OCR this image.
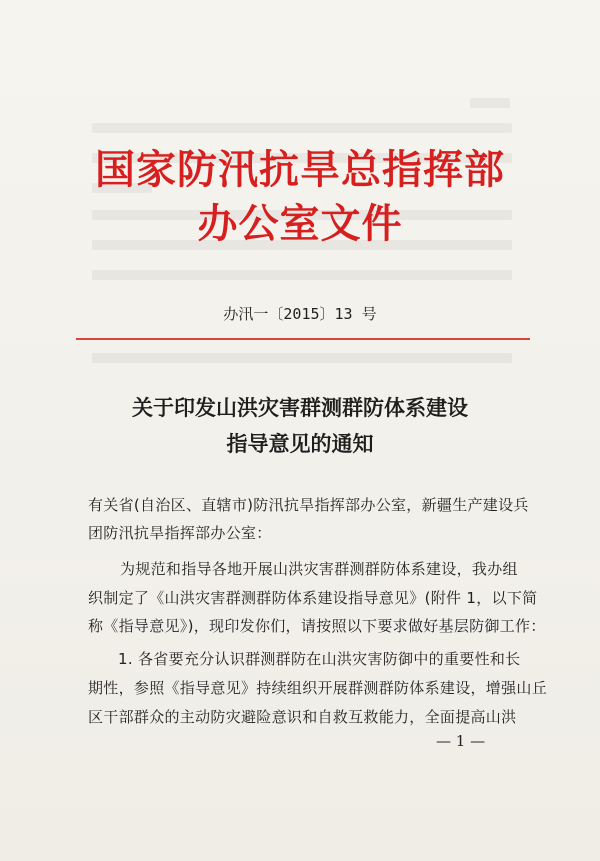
国家防汛抗旱总指挥部
办公室文件
办汛一〔2015〕13 号
关于印发山洪灾害群测群防体系建设
指导意见的通知
有关省(自治区、直辖市)防汛抗旱指挥部办公室，新疆生产建设兵
团防汛抗旱指挥部办公室：
为规范和指导各地开展山洪灾害群测群防体系建设，我办组
织制定了《山洪灾害群测群防体系建设指导意见》(附件 1，以下简
称《指导意见》)，现印发你们，请按照以下要求做好基层防御工作：
1. 各省要充分认识群测群防在山洪灾害防御中的重要性和长
期性，参照《指导意见》持续组织开展群测群防体系建设，增强山丘
区干部群众的主动防灾避险意识和自救互救能力，全面提高山洪
— 1 —
